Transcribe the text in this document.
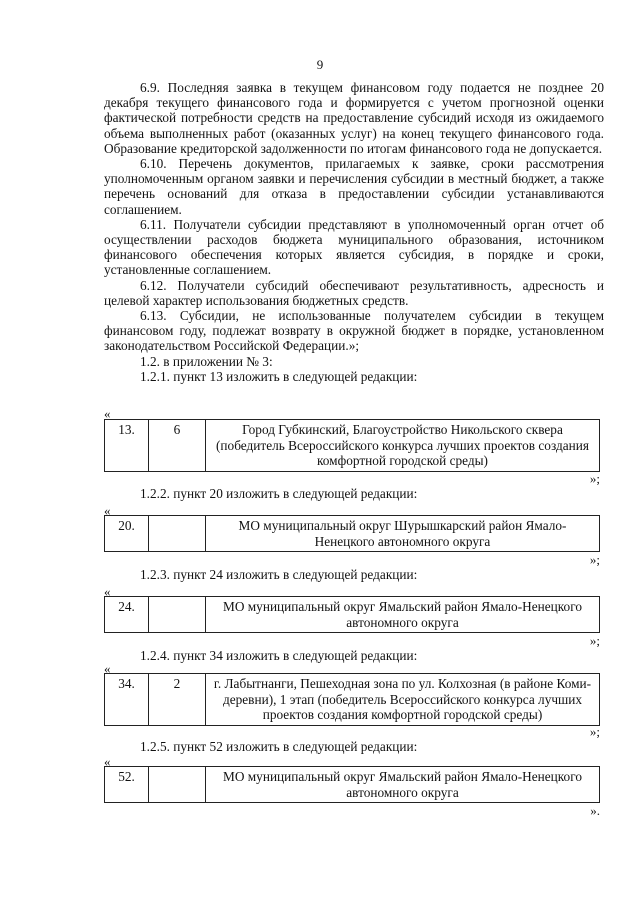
9

6.9. Последняя заявка в текущем финансовом году подается не позднее 20 декабря текущего финансового года и формируется с учетом прогнозной оценки фактической потребности средств на предоставление субсидий исходя из ожидаемого объема выполненных работ (оказанных услуг) на конец текущего финансового года. Образование кредиторской задолженности по итогам финансового года не допускается.

6.10. Перечень документов, прилагаемых к заявке, сроки рассмотрения уполномоченным органом заявки и перечисления субсидии в местный бюджет, а также перечень оснований для отказа в предоставлении субсидии устанавливаются соглашением.

6.11. Получатели субсидии представляют в уполномоченный орган отчет об осуществлении расходов бюджета муниципального образования, источником финансового обеспечения которых является субсидия, в порядке и сроки, установленные соглашением.

6.12. Получатели субсидий обеспечивают результативность, адресность и целевой характер использования бюджетных средств.

6.13. Субсидии, не использованные получателем субсидии в текущем финансовом году, подлежат возврату в окружной бюджет в порядке, установленном законодательством Российской Федерации.»;

1.2. в приложении № 3:

1.2.1. пункт 13 изложить в следующей редакции:

«
13.	6	Город Губкинский, Благоустройство Никольского сквера (победитель Всероссийского конкурса лучших проектов создания комфортной городской среды)
»;
1.2.2. пункт 20 изложить в следующей редакции:
«
20.		МО муниципальный округ Шурышкарский район Ямало-Ненецкого автономного округа
»;
1.2.3. пункт 24 изложить в следующей редакции:
«
24.		МО муниципальный округ Ямальский район Ямало-Ненецкого автономного округа
»;
1.2.4. пункт 34 изложить в следующей редакции:
«
34.	2	г. Лабытнанги, Пешеходная зона по ул. Колхозная (в районе Коми-деревни), 1 этап (победитель Всероссийского конкурса лучших проектов создания комфортной городской среды)
»;
1.2.5. пункт 52 изложить в следующей редакции:
«
52.		МО муниципальный округ Ямальский район Ямало-Ненецкого автономного округа
».
